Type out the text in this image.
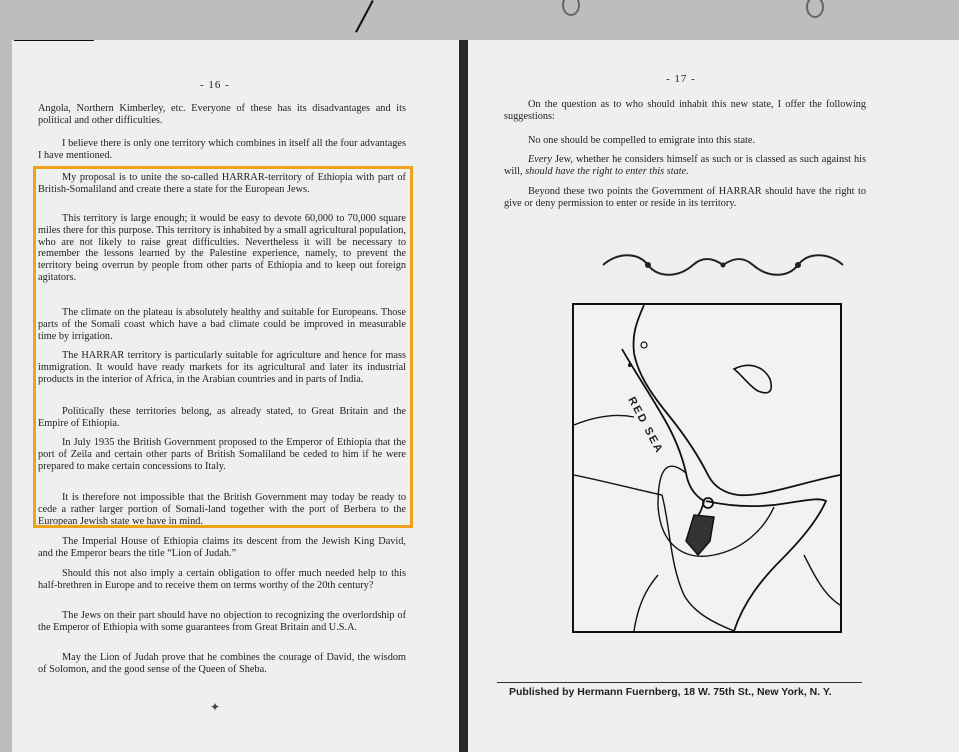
- 16 -

Angola, Northern Kimberley, etc. Everyone of these has its disadvantages and its political and other difficulties.

I believe there is only one territory which combines in itself all the four advantages I have mentioned.

My proposal is to unite the so-called HARRAR-territory of Ethiopia with part of British-Somaliland and create there a state for the European Jews.

This territory is large enough; it would be easy to devote 60,000 to 70,000 square miles there for this purpose. This territory is inhabited by a small agricultural population, who are not likely to raise great difficulties. Nevertheless it will be necessary to remember the lessons learned by the Palestine experience, namely, to prevent the territory being overrun by people from other parts of Ethiopia and to keep out foreign agitators.

The climate on the plateau is absolutely healthy and suitable for Europeans. Those parts of the Somali coast which have a bad climate could be improved in measurable time by irrigation.

The HARRAR territory is particularly suitable for agriculture and hence for mass immigration. It would have ready markets for its agricultural and later its industrial products in the interior of Africa, in the Arabian countries and in parts of India.

Politically these territories belong, as already stated, to Great Britain and the Empire of Ethiopia.

In July 1935 the British Government proposed to the Emperor of Ethiopia that the port of Zeila and certain other parts of British Somaliland be ceded to him if he were prepared to make certain concessions to Italy.

It is therefore not impossible that the British Government may today be ready to cede a rather larger portion of Somali-land together with the port of Berbera to the European Jewish state we have in mind.

The Imperial House of Ethiopia claims its descent from the Jewish King David, and the Emperor bears the title “Lion of Judah.”

Should this not also imply a certain obligation to offer much needed help to this half-brethren in Europe and to receive them on terms worthy of the 20th century?

The Jews on their part should have no objection to recognizing the overlordship of the Emperor of Ethiopia with some guarantees from Great Britain and U.S.A.

May the Lion of Judah prove that he combines the courage of David, the wisdom of Solomon, and the good sense of the Queen of Sheba.

✦
- 17 -

On the question as to who should inhabit this new state, I offer the following suggestions:

No one should be compelled to emigrate into this state.

Every Jew, whether he considers himself as such or is classed as such against his will, should have the right to enter this state.

Beyond these two points the Government of HARRAR should have the right to give or deny permission to enter or reside in its territory.

RED SEA
Published by Hermann Fuernberg, 18 W. 75th St., New York, N. Y.
